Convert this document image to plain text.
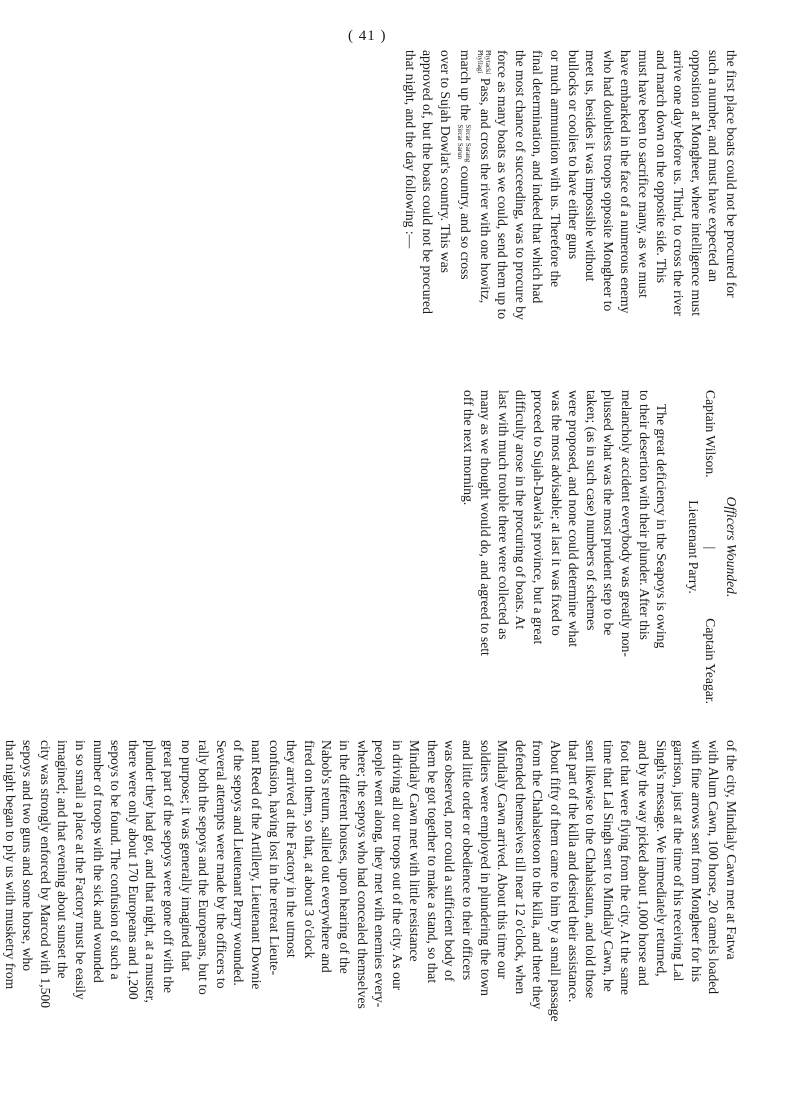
( 41 )

the first place boats could not be procured for

such a number, and must have expected an

opposition at Mongheer, where intelligence must

arrive one day before us. Third, to cross the river

and march down on the opposite side. This

must have been to sacrifice many, as we must

have embarked in the face of a numerous enemy

who had doubtless troops opposite Mongheer to

meet us, besides it was impossible without

bullocks or coolies to have either guns

or much ammunition with us. Therefore the

final determination, and indeed that which had

the most chance of succeeding, was to procure by

force as many boats as we could, send them up to

Phytacki
Phyllagi
Pass, and cross the river with one howitz,

march up the
Sircar Sarang
Sircar Sarun
country, and so cross

over to Sujah Dowlat's country. This was

approved of, but the boats could not be procured

that night, and the day following :—

Officers Wounded.

Captain Wilson.
|
Captain Yeagar.

Lieutenant Parry.

The great deficiency in the Seapoys is owing

to their desertion with their plunder. After this

melancholy accident everybody was greatly non-

plussed what was the most prudent step to be

taken; (as in such case) numbers of schemes

were proposed, and none could determine what

was the most advisable; at last it was fixed to

proceed to Sujah-Dawla's province, but a great

difficulty arose in the procuring of boats. At

last with much trouble there were collected as

many as we thought would do, and agreed to sett

off the next morning.

of the city, Mindialy Cawn met at Fatwa

with Alum Cawn, 100 horse, 20 camels loaded

with fine arrows sent from Mongheer for his

garrison, just at the time of his receiving Lal

Singh's message. We immediately returned,

and by the way picked about 1,000 horse and

foot that were flying from the city. At the same

time that Lal Singh sent to Mindialy Cawn, he

sent likewise to the Chahalsatun, and told those

that part of the killa and desired their assistance.

About fifty of them came to him by a small passage

from the Chahalsetoon to the killa, and there they

defended themselves till near 12 o'clock, when

Mindialy Cawn arrived. About this time our

soldiers were employed in plundering the town

and little order or obedience to their officers

was observed, nor could a sufficient body of

them be got together to make a stand, so that

Mindialy Cawn met with little resistance

in driving all our troops out of the city. As our

people went along, they met with enemies every-

where; the sepoys who had concealed themselves

in the different houses, upon hearing of the

Nabob's return, sallied out everywhere and

fired on them, so that, at about 3 o'clock

they arrived at the Factory in the utmost

confusion, having lost in the retreat Lieute-

nant Reed of the Artillery, Lieutenant Downie

of the sepoys and Lieutenant Parry wounded.

Several attempts were made by the officers to

rally both the sepoys and the Europeans, but to

no purpose; it was generally imagined that

great part of the sepoys were gone off with the

plunder they had got, and that night, at a muster,

there were only about 170 Europeans and 1,200

sepoys to be found. The confusion of such a

number of troops with the sick and wounded

in so small a place at the Factory must be easily

imagined; and that evening about sunset the

city was strongly enforced by Marcod with 1,500

sepoys and two guns and some horse, who

that night began to ply us with musketry from
